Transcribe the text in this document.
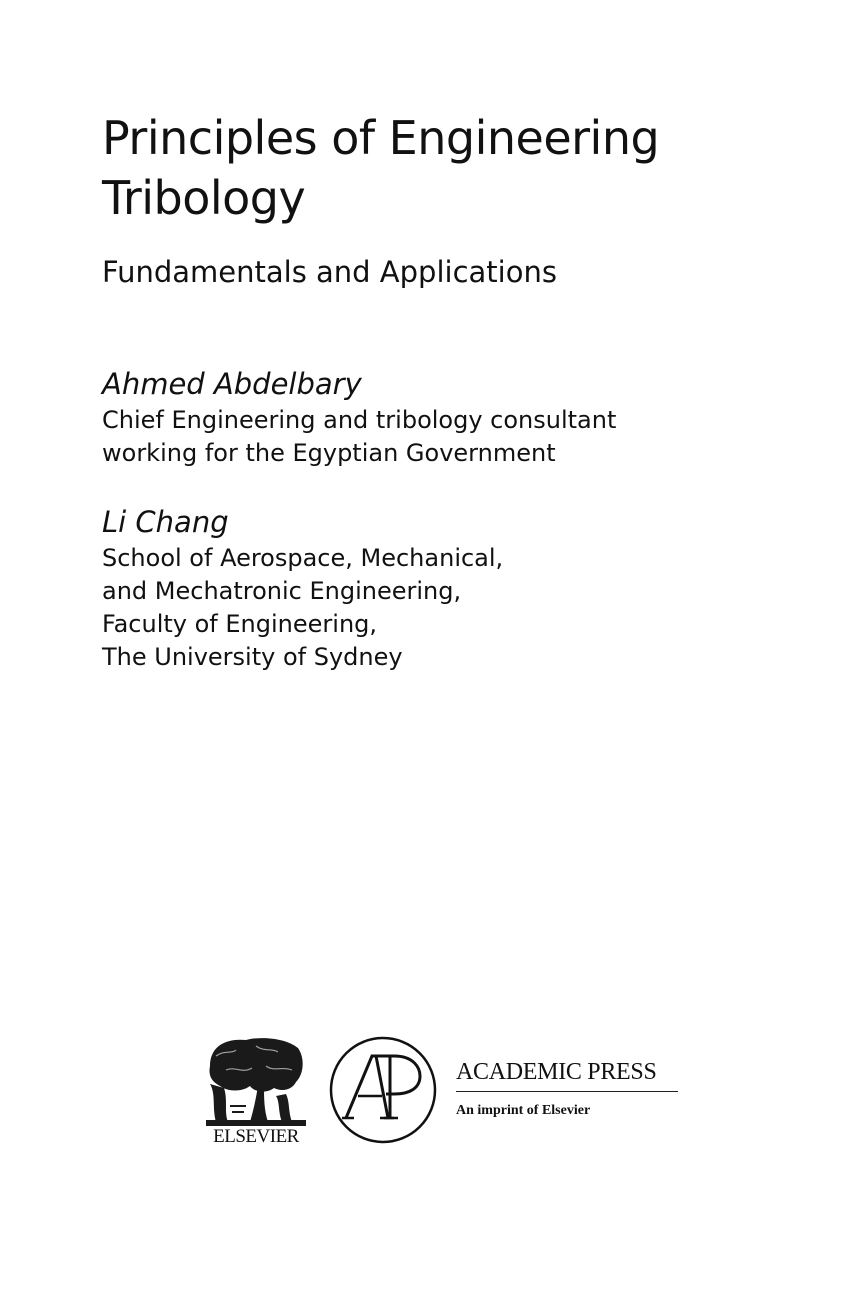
Principles of Engineering
Tribology
Fundamentals and Applications
Ahmed Abdelbary
Chief Engineering and tribology consultant
working for the Egyptian Government
Li Chang
School of Aerospace, Mechanical,
and Mechatronic Engineering,
Faculty of Engineering,
The University of Sydney
ELSEVIER
ACADEMIC PRESS
An imprint of Elsevier
